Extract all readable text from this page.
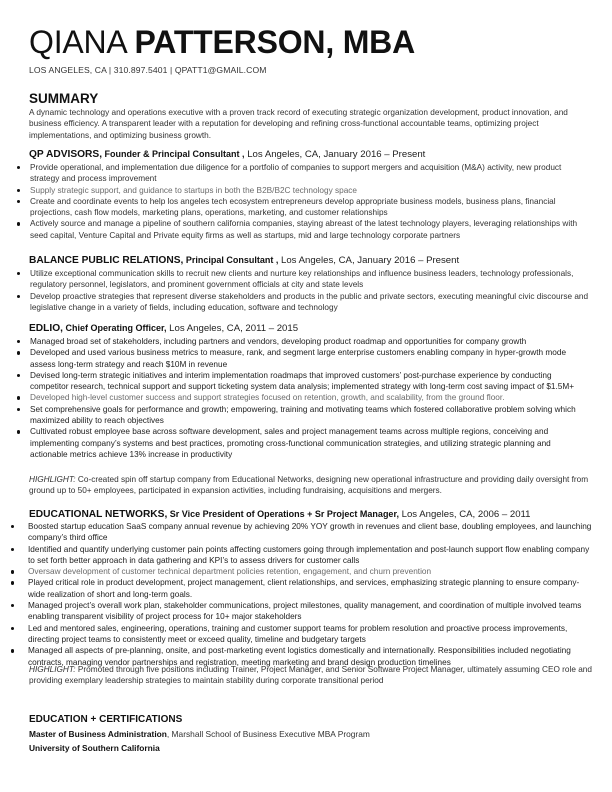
QIANA PATTERSON, MBA
LOS ANGELES, CA | 310.897.5401 | QPATT1@GMAIL.COM
SUMMARY
A dynamic technology and operations executive with a proven track record of executing strategic organization development, product innovation, and business efficiency. A transparent leader with a reputation for developing and refining cross-functional accountable teams, optimizing project implementations, and optimizing business growth.
QP ADVISORS, Founder & Principal Consultant , Los Angeles, CA, January 2016 – Present
Provide operational, and implementation due diligence for a portfolio of companies to support mergers and acquisition (M&A) activity, new product strategy and process improvement
Supply strategic support, and guidance to startups in both the B2B/B2C technology space
Create and coordinate events to help los angeles tech ecosystem entrepreneurs develop appropriate business models, business plans, financial projections, cash flow models, marketing plans, operations, marketing, and customer relationships
Actively source and manage a pipeline of southern california companies, staying abreast of the latest technology players, leveraging relationships with seed capital, Venture Capital and Private equity firms as well as startups, mid and large technology corporate partners
BALANCE PUBLIC RELATIONS, Principal Consultant , Los Angeles, CA, January 2016 – Present
Utilize exceptional communication skills to recruit new clients and nurture key relationships and influence business leaders, technology professionals, regulatory personnel, legislators, and prominent government officials at city and state levels
Develop proactive strategies that represent diverse stakeholders and products in the public and private sectors, executing meaningful civic discourse and legislative change in a variety of fields, including education, software and technology
EDLIO, Chief Operating Officer, Los Angeles, CA, 2011 – 2015
Managed broad set of stakeholders, including partners and vendors, developing product roadmap and opportunities for company growth
Developed and used various business metrics to measure, rank, and segment large enterprise customers enabling company in hyper-growth mode assess long-term strategy and reach $10M in revenue
Devised long-term strategic initiatives and interim implementation roadmaps that improved customers’ post-purchase experience by conducting competitor research, technical support and support ticketing system data analysis; implemented strategy with long-term cost saving impact of $1.5M+
Developed high-level customer success and support strategies focused on retention, growth, and scalability, from the ground floor.
Set comprehensive goals for performance and growth; empowering, training and motivating teams which fostered collaborative problem solving which maximized ability to reach objectives
Cultivated robust employee base across software development, sales and project management teams across multiple regions, conceiving and implementing company’s systems and best practices, promoting cross-functional communication strategies, and utilizing strategic planning and actionable metrics achieve 13% increase in productivity
HIGHLIGHT: Co-created spin off startup company from Educational Networks, designing new operational infrastructure and providing daily oversight from ground up to 50+ employees, participated in expansion activities, including fundraising, acquisitions and mergers.
EDUCATIONAL NETWORKS, Sr Vice President of Operations + Sr Project Manager, Los Angeles, CA, 2006 – 2011
Boosted startup education SaaS company annual revenue by achieving 20% YOY growth in revenues and client base, doubling employees, and launching company’s third office
Identified and quantify underlying customer pain points affecting customers going through implementation and post-launch support flow enabling company to set forth better approach in data gathering and KPI’s to assess drivers for customer calls
Oversaw development of customer technical department policies retention, engagement, and churn prevention
Played critical role in product development, project management, client relationships, and services, emphasizing strategic planning to ensure company-wide realization of short and long-term goals.
Managed project’s overall work plan, stakeholder communications, project milestones, quality management, and coordination of multiple involved teams enabling transparent visibility of project process for 10+ major stakeholders
Led and mentored sales, engineering, operations, training and customer support teams for problem resolution and proactive process improvements, directing project teams to consistently meet or exceed quality, timeline and budgetary targets
Managed all aspects of pre-planning, onsite, and post-marketing event logistics domestically and internationally. Responsibilities included negotiating contracts, managing vendor partnerships and registration, meeting marketing and brand design production timelines
HIGHLIGHT: Promoted through five positions including Trainer, Project Manager, and Senior Software Project Manager, ultimately assuming CEO role and providing exemplary leadership strategies to maintain stability during corporate transitional period
EDUCATION + CERTIFICATIONS
Master of Business Administration, Marshall School of Business Executive MBA Program
University of Southern California
